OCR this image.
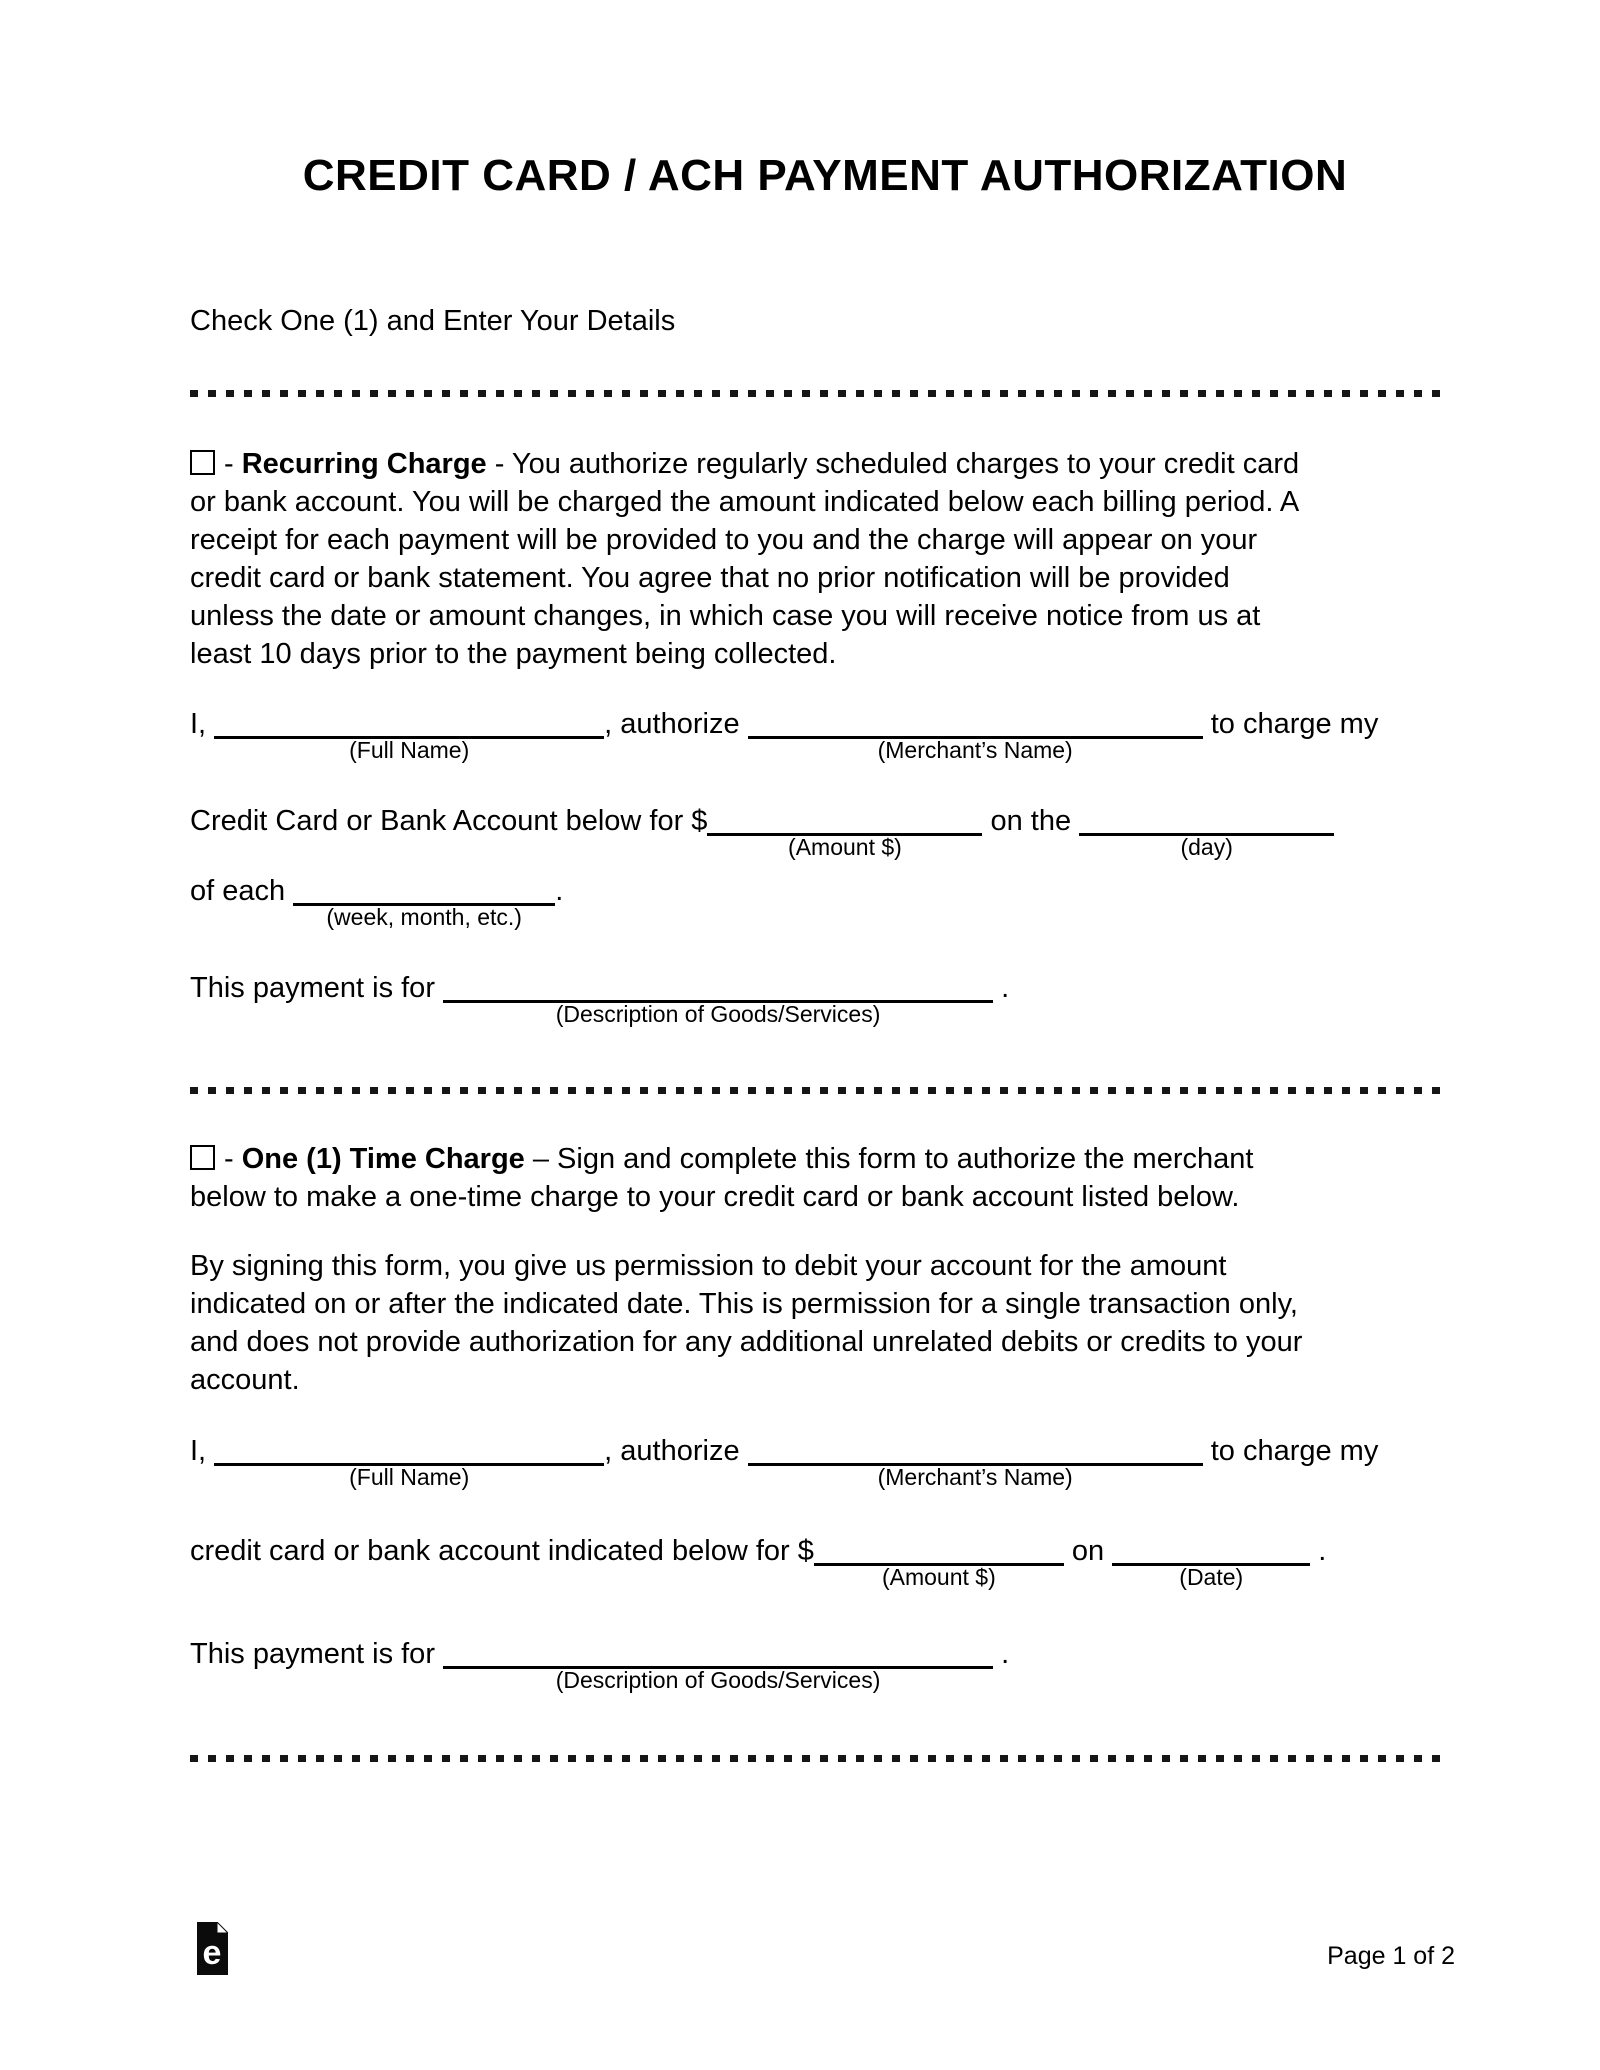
CREDIT CARD / ACH PAYMENT AUTHORIZATION
Check One (1) and Enter Your Details
- Recurring Charge - You authorize regularly scheduled charges to your credit card
or bank account. You will be charged the amount indicated below each billing period. A
receipt for each payment will be provided to you and the charge will appear on your
credit card or bank statement. You agree that no prior notification will be provided
unless the date or amount changes, in which case you will receive notice from us at
least 10 days prior to the payment being collected.
I,
(Full Name)
, authorize
(Merchant’s Name)
to charge my
Credit Card or Bank Account below for $
(Amount $)
on the
(day)
of each
(week, month, etc.)
.
This payment is for
(Description of Goods/Services)
.
- One (1) Time Charge – Sign and complete this form to authorize the merchant
below to make a one-time charge to your credit card or bank account listed below.
By signing this form, you give us permission to debit your account for the amount
indicated on or after the indicated date. This is permission for a single transaction only,
and does not provide authorization for any additional unrelated debits or credits to your
account.
I,
(Full Name)
, authorize
(Merchant’s Name)
to charge my
credit card or bank account indicated below for $
(Amount $)
on
(Date)
.
This payment is for
(Description of Goods/Services)
.
e	Page 1 of 2
